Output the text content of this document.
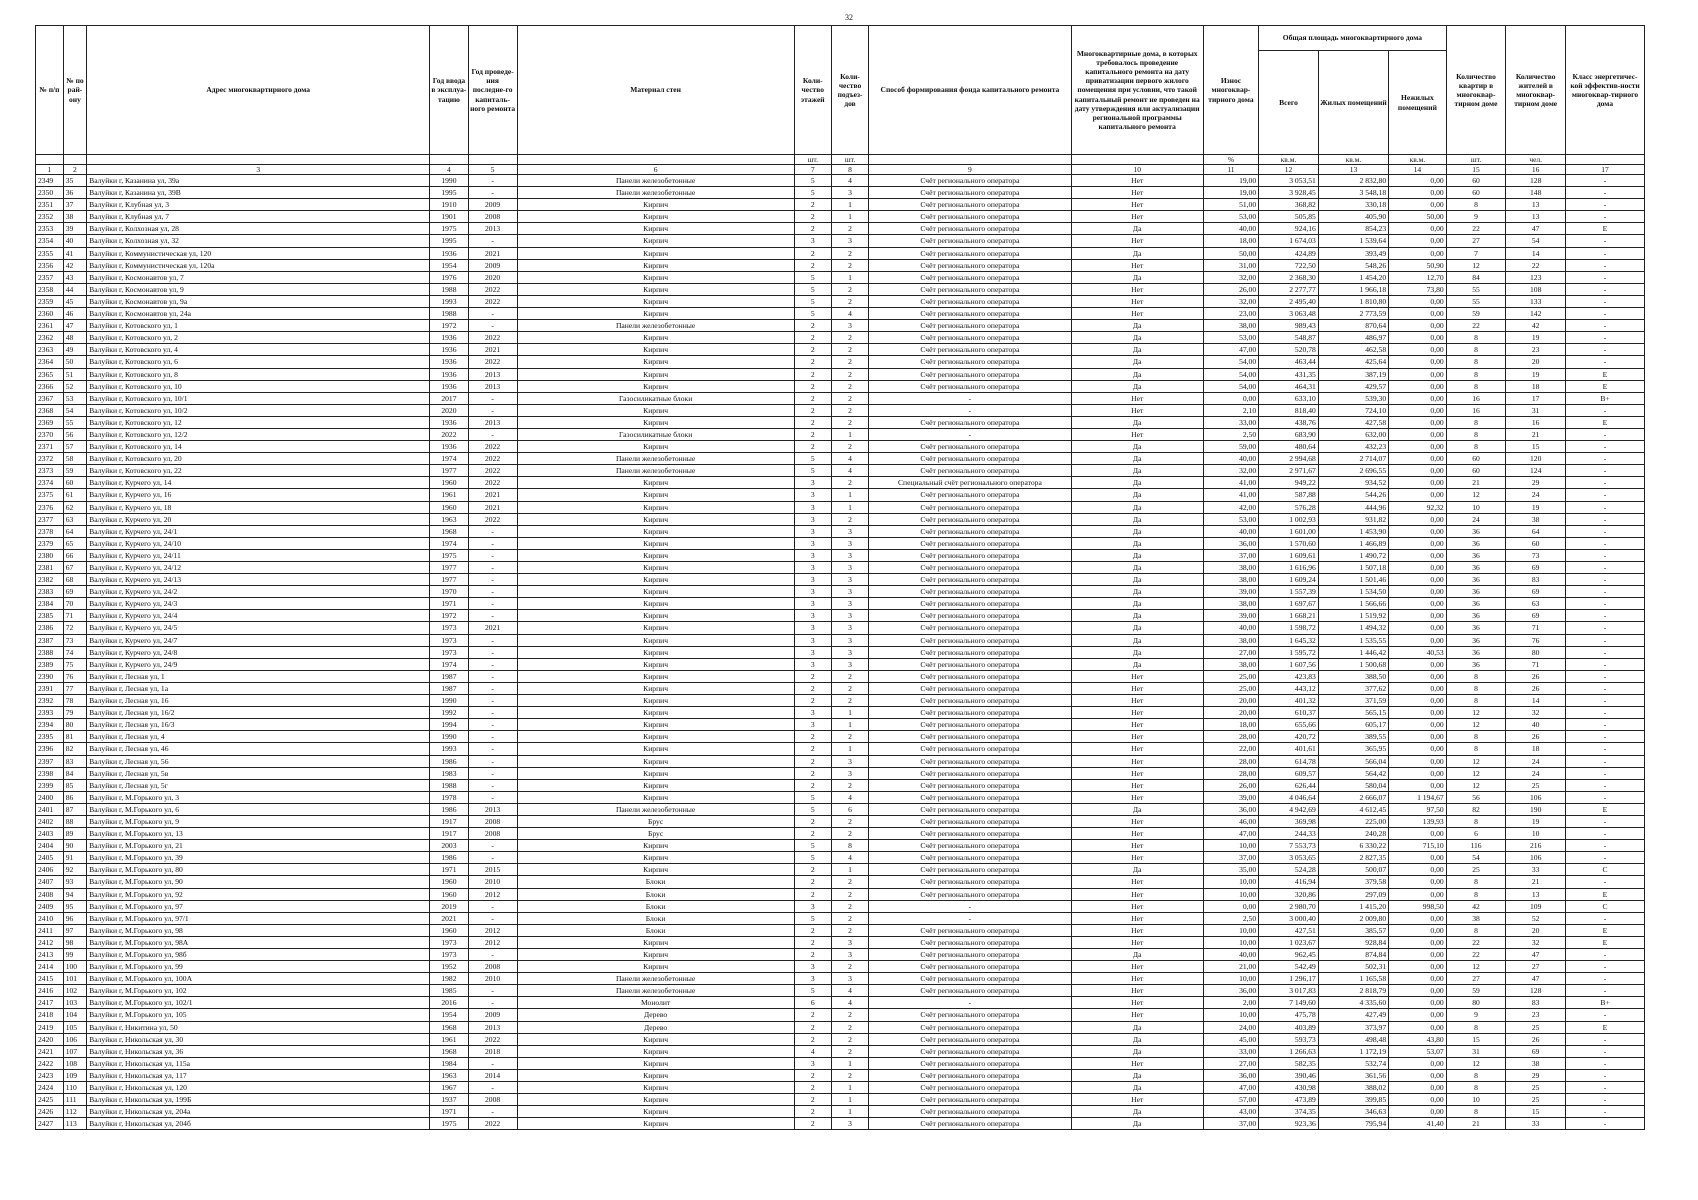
32
№ п/п	№ по рай-ону	Адрес многоквартирного дома	Год ввода в эксплуа-тацию	Год проведе-ния последне-го капиталь-ного ремонта	Материал стен	Коли-чество этажей	Коли-чество подъез-дов	Способ формирования фонда капитального ремонта	Многоквартирные дома, в которых требовалось проведение капитального ремонта на дату приватизации первого жилого помещения при условии, что такой капитальный ремонт не проведен на дату утверждения или актуализации региональной программы капитального ремонта	Износ многоквар-тирного дома	Общая площадь многоквартирного дома			Количество квартир в многоквар-тирном доме	Количество жителей в многоквар-тирном доме	Класс энергетичес-кой эффектив-ности многоквар-тирного дома
											Всего	Жилых помещений	Нежилых помещений			
						шт.	шт.			%	кв.м.	кв.м.	кв.м.	шт.	чел.	
1	2	3	4	5	6	7	8	9	10	11	12	13	14	15	16	17
2349	35	Валуйки г, Казанина ул, 39а	1990	-	Панели железобетонные	5	4	Счёт регионального оператора	Нет	19,00	3 053,51	2 832,80	0,00	60	128	-
2350	36	Валуйки г, Казанина ул, 39В	1995	-	Панели железобетонные	5	3	Счёт регионального оператора	Нет	19,00	3 928,45	3 548,18	0,00	60	148	-
2351	37	Валуйки г, Клубная ул, 3	1910	2009	Кирпич	2	1	Счёт регионального оператора	Нет	51,00	368,82	330,18	0,00	8	13	-
2352	38	Валуйки г, Клубная ул, 7	1901	2008	Кирпич	2	1	Счёт регионального оператора	Нет	53,00	505,85	405,90	50,00	9	13	-
2353	39	Валуйки г, Колхозная ул, 28	1975	2013	Кирпич	2	2	Счёт регионального оператора	Да	40,00	924,16	854,23	0,00	22	47	E
2354	40	Валуйки г, Колхозная ул, 32	1995	-	Кирпич	3	3	Счёт регионального оператора	Нет	18,00	1 674,03	1 539,64	0,00	27	54	-
2355	41	Валуйки г, Коммунистическая ул, 120	1936	2021	Кирпич	2	2	Счёт регионального оператора	Да	50,00	424,89	393,49	0,00	7	14	-
2356	42	Валуйки г, Коммунистическая ул, 120а	1954	2009	Кирпич	2	2	Счёт регионального оператора	Нет	31,00	722,50	548,26	50,90	12	22	-
2357	43	Валуйки г, Космонавтов ул, 7	1976	2020	Кирпич	5	1	Счёт регионального оператора	Да	32,00	2 368,30	1 454,20	12,70	84	123	-
2358	44	Валуйки г, Космонавтов ул, 9	1988	2022	Кирпич	5	2	Счёт регионального оператора	Нет	26,00	2 277,77	1 966,18	73,80	55	108	-
2359	45	Валуйки г, Космонавтов ул, 9а	1993	2022	Кирпич	5	2	Счёт регионального оператора	Нет	32,00	2 495,40	1 810,80	0,00	55	133	-
2360	46	Валуйки г, Космонавтов ул, 24а	1988	-	Кирпич	5	4	Счёт регионального оператора	Нет	23,00	3 063,48	2 773,59	0,00	59	142	-
2361	47	Валуйки г, Котовского ул, 1	1972	-	Панели железобетонные	2	3	Счёт регионального оператора	Да	38,00	989,43	870,64	0,00	22	42	-
2362	48	Валуйки г, Котовского ул, 2	1936	2022	Кирпич	2	2	Счёт регионального оператора	Да	53,00	548,87	486,97	0,00	8	19	-
2363	49	Валуйки г, Котовского ул, 4	1936	2021	Кирпич	2	2	Счёт регионального оператора	Да	47,00	520,78	462,58	0,00	8	23	-
2364	50	Валуйки г, Котовского ул, 6	1936	2022	Кирпич	2	2	Счёт регионального оператора	Да	54,00	463,44	425,64	0,00	8	20	-
2365	51	Валуйки г, Котовского ул, 8	1936	2013	Кирпич	2	2	Счёт регионального оператора	Да	54,00	431,35	387,19	0,00	8	19	E
2366	52	Валуйки г, Котовского ул, 10	1936	2013	Кирпич	2	2	Счёт регионального оператора	Да	54,00	464,31	429,57	0,00	8	18	E
2367	53	Валуйки г, Котовского ул, 10/1	2017	-	Газосиликатные блоки	2	2	-	Нет	0,00	633,10	539,30	0,00	16	17	B+
2368	54	Валуйки г, Котовского ул, 10/2	2020	-	Кирпич	2	2	-	Нет	2,10	818,40	724,10	0,00	16	31	-
2369	55	Валуйки г, Котовского ул, 12	1936	2013	Кирпич	2	2	Счёт регионального оператора	Да	33,00	438,76	427,58	0,00	8	16	E
2370	56	Валуйки г, Котовского ул, 12/2	2022	-	Газосиликатные блоки	2	1	-	Нет	2,50	683,90	632,00	0,00	8	21	-
2371	57	Валуйки г, Котовского ул, 14	1936	2022	Кирпич	2	2	Счёт регионального оператора	Да	59,00	480,64	432,23	0,00	8	15	-
2372	58	Валуйки г, Котовского ул, 20	1974	2022	Панели железобетонные	5	4	Счёт регионального оператора	Да	40,00	2 994,68	2 714,07	0,00	60	120	-
2373	59	Валуйки г, Котовского ул, 22	1977	2022	Панели железобетонные	5	4	Счёт регионального оператора	Да	32,00	2 971,67	2 696,55	0,00	60	124	-
2374	60	Валуйки г, Курчего ул, 14	1960	2022	Кирпич	3	2	Специальный счёт регионального оператора	Да	41,00	949,22	934,52	0,00	21	29	-
2375	61	Валуйки г, Курчего ул, 16	1961	2021	Кирпич	3	1	Счёт регионального оператора	Да	41,00	587,88	544,26	0,00	12	24	-
2376	62	Валуйки г, Курчего ул, 18	1960	2021	Кирпич	3	1	Счёт регионального оператора	Да	42,00	576,28	444,96	92,32	10	19	-
2377	63	Валуйки г, Курчего ул, 20	1963	2022	Кирпич	3	2	Счёт регионального оператора	Да	53,00	1 002,93	931,82	0,00	24	38	-
2378	64	Валуйки г, Курчего ул, 24/1	1968	-	Кирпич	3	3	Счёт регионального оператора	Да	40,00	1 601,00	1 453,90	0,00	36	64	-
2379	65	Валуйки г, Курчего ул, 24/10	1974	-	Кирпич	3	3	Счёт регионального оператора	Да	36,00	1 570,60	1 466,89	0,00	36	60	-
2380	66	Валуйки г, Курчего ул, 24/11	1975	-	Кирпич	3	3	Счёт регионального оператора	Да	37,00	1 609,61	1 490,72	0,00	36	73	-
2381	67	Валуйки г, Курчего ул, 24/12	1977	-	Кирпич	3	3	Счёт регионального оператора	Да	38,00	1 616,96	1 507,18	0,00	36	69	-
2382	68	Валуйки г, Курчего ул, 24/13	1977	-	Кирпич	3	3	Счёт регионального оператора	Да	38,00	1 609,24	1 501,46	0,00	36	83	-
2383	69	Валуйки г, Курчего ул, 24/2	1970	-	Кирпич	3	3	Счёт регионального оператора	Да	39,00	1 557,39	1 534,50	0,00	36	69	-
2384	70	Валуйки г, Курчего ул, 24/3	1971	-	Кирпич	3	3	Счёт регионального оператора	Да	38,00	1 697,67	1 566,66	0,00	36	63	-
2385	71	Валуйки г, Курчего ул, 24/4	1972	-	Кирпич	3	3	Счёт регионального оператора	Да	39,00	1 668,21	1 519,92	0,00	36	69	-
2386	72	Валуйки г, Курчего ул, 24/5	1973	2021	Кирпич	3	3	Счёт регионального оператора	Да	40,00	1 598,72	1 494,32	0,00	36	71	-
2387	73	Валуйки г, Курчего ул, 24/7	1973	-	Кирпич	3	3	Счёт регионального оператора	Да	38,00	1 645,32	1 535,55	0,00	36	76	-
2388	74	Валуйки г, Курчего ул, 24/8	1973	-	Кирпич	3	3	Счёт регионального оператора	Да	27,00	1 595,72	1 446,42	40,53	36	80	-
2389	75	Валуйки г, Курчего ул, 24/9	1974	-	Кирпич	3	3	Счёт регионального оператора	Да	38,00	1 607,56	1 500,68	0,00	36	71	-
2390	76	Валуйки г, Лесная ул, 1	1987	-	Кирпич	2	2	Счёт регионального оператора	Нет	25,00	423,83	388,50	0,00	8	26	-
2391	77	Валуйки г, Лесная ул, 1а	1987	-	Кирпич	2	2	Счёт регионального оператора	Нет	25,00	443,12	377,62	0,00	8	26	-
2392	78	Валуйки г, Лесная ул, 16	1990	-	Кирпич	2	2	Счёт регионального оператора	Нет	20,00	401,32	371,59	0,00	8	14	-
2393	79	Валуйки г, Лесная ул, 16/2	1992	-	Кирпич	3	1	Счёт регионального оператора	Нет	20,00	610,37	565,15	0,00	12	32	-
2394	80	Валуйки г, Лесная ул, 16/3	1994	-	Кирпич	3	1	Счёт регионального оператора	Нет	18,00	655,66	605,17	0,00	12	40	-
2395	81	Валуйки г, Лесная ул, 4	1990	-	Кирпич	2	2	Счёт регионального оператора	Нет	28,00	420,72	389,55	0,00	8	26	-
2396	82	Валуйки г, Лесная ул, 46	1993	-	Кирпич	2	1	Счёт регионального оператора	Нет	22,00	401,61	365,95	0,00	8	18	-
2397	83	Валуйки г, Лесная ул, 56	1986	-	Кирпич	2	3	Счёт регионального оператора	Нет	28,00	614,78	566,04	0,00	12	24	-
2398	84	Валуйки г, Лесная ул, 5в	1983	-	Кирпич	2	3	Счёт регионального оператора	Нет	28,00	609,57	564,42	0,00	12	24	-
2399	85	Валуйки г, Лесная ул, 5г	1988	-	Кирпич	2	2	Счёт регионального оператора	Нет	26,00	626,44	580,04	0,00	12	25	-
2400	86	Валуйки г, М.Горького ул, 3	1978	-	Кирпич	5	4	Счёт регионального оператора	Нет	39,00	4 046,64	2 666,07	1 194,67	56	106	-
2401	87	Валуйки г, М.Горького ул, 6	1986	2013	Панели железобетонные	5	6	Счёт регионального оператора	Да	36,00	4 942,69	4 612,45	97,50	82	190	E
2402	88	Валуйки г, М.Горького ул, 9	1917	2008	Брус	2	2	Счёт регионального оператора	Нет	46,00	369,98	225,00	139,93	8	19	-
2403	89	Валуйки г, М.Горького ул, 13	1917	2008	Брус	2	2	Счёт регионального оператора	Нет	47,00	244,33	240,28	0,00	6	10	-
2404	90	Валуйки г, М.Горького ул, 21	2003	-	Кирпич	5	8	Счёт регионального оператора	Нет	10,00	7 553,73	6 330,22	715,10	116	216	-
2405	91	Валуйки г, М.Горького ул, 39	1986	-	Кирпич	5	4	Счёт регионального оператора	Нет	37,00	3 053,65	2 827,35	0,00	54	106	-
2406	92	Валуйки г, М.Горького ул, 80	1971	2015	Кирпич	2	1	Счёт регионального оператора	Да	35,00	524,28	500,07	0,00	25	33	C
2407	93	Валуйки г, М.Горького ул, 90	1960	2010	Блоки	2	2	Счёт регионального оператора	Нет	10,00	416,94	379,58	0,00	8	21	-
2408	94	Валуйки г, М.Горького ул, 92	1960	2012	Блоки	2	2	Счёт регионального оператора	Нет	10,00	320,86	297,09	0,00	8	13	E
2409	95	Валуйки г, М.Горького ул, 97	2019	-	Блоки	3	2	-	Нет	0,00	2 980,70	1 415,20	998,50	42	109	C
2410	96	Валуйки г, М.Горького ул, 97/1	2021	-	Блоки	5	2	-	Нет	2,50	3 000,40	2 009,80	0,00	38	52	-
2411	97	Валуйки г, М.Горького ул, 98	1960	2012	Блоки	2	2	Счёт регионального оператора	Нет	10,00	427,51	385,57	0,00	8	20	E
2412	98	Валуйки г, М.Горького ул, 98А	1973	2012	Кирпич	2	3	Счёт регионального оператора	Нет	10,00	1 023,67	928,84	0,00	22	32	E
2413	99	Валуйки г, М.Горького ул, 98б	1973	-	Кирпич	2	3	Счёт регионального оператора	Да	40,00	962,45	874,84	0,00	22	47	-
2414	100	Валуйки г, М.Горького ул, 99	1952	2008	Кирпич	3	2	Счёт регионального оператора	Нет	21,00	542,49	502,31	0,00	12	27	-
2415	101	Валуйки г, М.Горького ул, 100А	1982	2010	Панели железобетонные	3	3	Счёт регионального оператора	Нет	10,00	1 296,17	1 165,58	0,00	27	47	-
2416	102	Валуйки г, М.Горького ул, 102	1985	-	Панели железобетонные	5	4	Счёт регионального оператора	Нет	36,00	3 017,83	2 818,79	0,00	59	128	-
2417	103	Валуйки г, М.Горького ул, 102/1	2016	-	Монолит	6	4	-	Нет	2,00	7 149,60	4 335,60	0,00	80	83	B+
2418	104	Валуйки г, М.Горького ул, 105	1954	2009	Дерево	2	2	Счёт регионального оператора	Нет	10,00	475,78	427,49	0,00	9	23	-
2419	105	Валуйки г, Никитина ул, 50	1968	2013	Дерево	2	2	Счёт регионального оператора	Да	24,00	403,89	373,97	0,00	8	25	E
2420	106	Валуйки г, Никольская ул, 30	1961	2022	Кирпич	2	2	Счёт регионального оператора	Да	45,00	593,73	498,48	43,80	15	26	-
2421	107	Валуйки г, Никольская ул, 36	1968	2018	Кирпич	4	2	Счёт регионального оператора	Да	33,00	1 266,63	1 172,19	53,07	31	69	-
2422	108	Валуйки г, Никольская ул, 115а	1984	-	Кирпич	3	1	Счёт регионального оператора	Нет	27,00	582,35	532,74	0,00	12	38	-
2423	109	Валуйки г, Никольская ул, 117	1963	2014	Кирпич	2	2	Счёт регионального оператора	Да	36,00	390,46	361,56	0,00	8	29	-
2424	110	Валуйки г, Никольская ул, 120	1967	-	Кирпич	2	1	Счёт регионального оператора	Да	47,00	430,98	388,02	0,00	8	25	-
2425	111	Валуйки г, Никольская ул, 199Б	1937	2008	Кирпич	2	1	Счёт регионального оператора	Нет	57,00	473,89	399,85	0,00	10	25	-
2426	112	Валуйки г, Никольская ул, 204а	1971	-	Кирпич	2	1	Счёт регионального оператора	Да	43,00	374,35	346,63	0,00	8	15	-
2427	113	Валуйки г, Никольская ул, 204б	1975	2022	Кирпич	2	3	Счёт регионального оператора	Да	37,00	923,36	795,94	41,40	21	33	-
